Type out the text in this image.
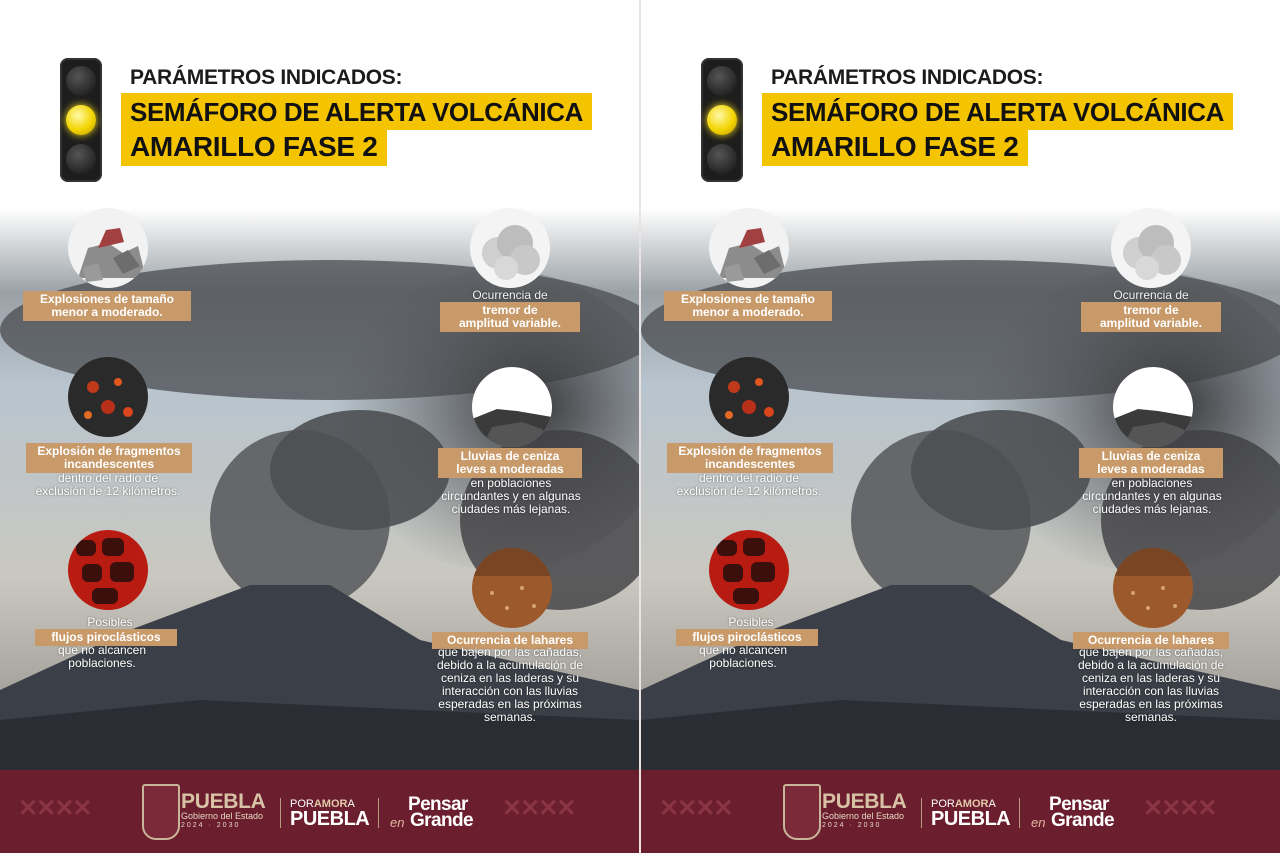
PARÁMETROS INDICADOS:
SEMÁFORO DE ALERTA VOLCÁNICA
AMARILLO FASE 2
Explosiones de tamaño
menor a moderado.
Ocurrencia de
tremor de
amplitud variable.
Explosión de fragmentos
incandescentes
dentro del radio de
exclusión de 12 kilómetros.
Lluvias de ceniza
leves a moderadas
en poblaciones
circundantes y en algunas
ciudades más lejanas.
Posibles
flujos piroclásticos
que no alcancen
poblaciones.
Ocurrencia de lahares
que bajen por las cañadas,
debido a la acumulación de
ceniza en las laderas y su
interacción con las lluvias
esperadas en las próximas
semanas.
✕✕✕✕	PUEBLA
Gobierno del Estado
2024 · 2030
PORAMORA
PUEBLA
Pensar
en Grande ✕✕✕✕
PARÁMETROS INDICADOS:
SEMÁFORO DE ALERTA VOLCÁNICA
AMARILLO FASE 2
Explosiones de tamaño
menor a moderado.
Ocurrencia de
tremor de
amplitud variable.
Explosión de fragmentos
incandescentes
dentro del radio de
exclusión de 12 kilómetros.
Lluvias de ceniza
leves a moderadas
en poblaciones
circundantes y en algunas
ciudades más lejanas.
Posibles
flujos piroclásticos
que no alcancen
poblaciones.
Ocurrencia de lahares
que bajen por las cañadas,
debido a la acumulación de
ceniza en las laderas y su
interacción con las lluvias
esperadas en las próximas
semanas.
✕✕✕✕	PUEBLA
Gobierno del Estado
2024 · 2030
PORAMORA
PUEBLA
Pensar
en Grande ✕✕✕✕
